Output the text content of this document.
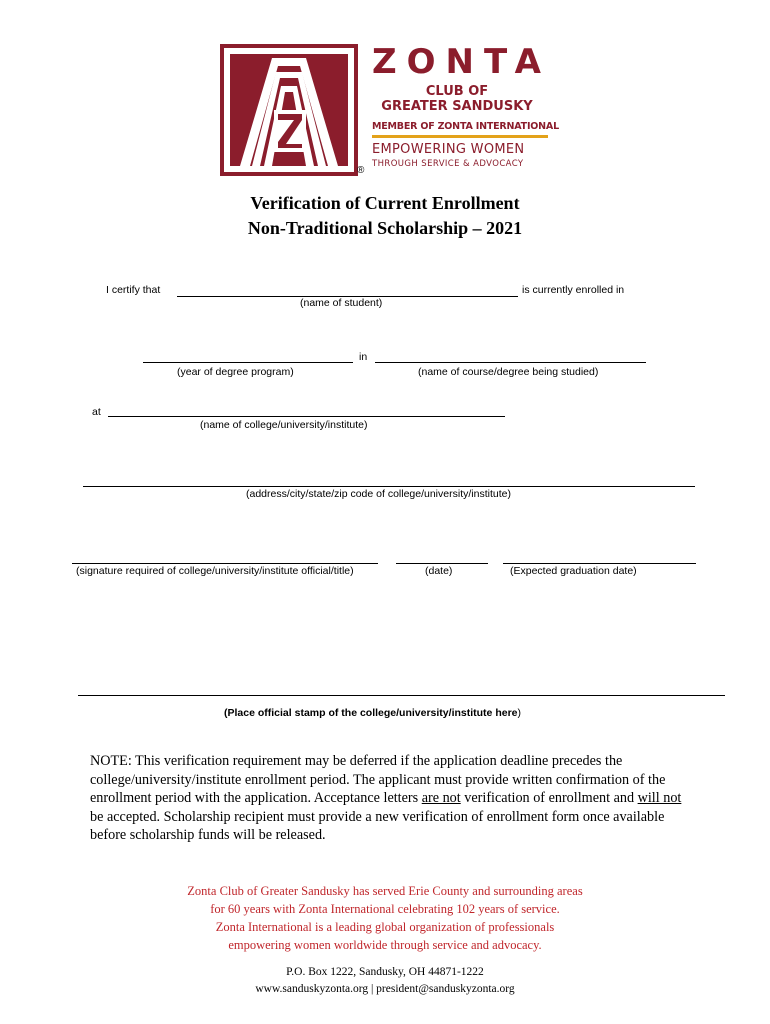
®
ZONTA
CLUB OF
GREATER SANDUSKY
MEMBER OF ZONTA INTERNATIONAL
EMPOWERING WOMEN
THROUGH SERVICE & ADVOCACY
Verification of Current Enrollment
Non-Traditional Scholarship – 2021
I certify that	is currently enrolled in
(name of student)
in
(year of degree program)	(name of course/degree being studied)
at
(name of college/university/institute)
(address/city/state/zip code of college/university/institute)
(signature required of college/university/institute official/title)	(date)	(Expected graduation date)
(Place official stamp of the college/university/institute here)
NOTE: This verification requirement may be deferred if the application deadline precedes the college/university/institute enrollment period. The applicant must provide written confirmation of the enrollment period with the application. Acceptance letters are not verification of enrollment and will not be accepted. Scholarship recipient must provide a new verification of enrollment form once available before scholarship funds will be released.
Zonta Club of Greater Sandusky has served Erie County and surrounding areas
for 60 years with Zonta International celebrating 102 years of service.
Zonta International is a leading global organization of professionals
empowering women worldwide through service and advocacy.
P.O. Box 1222, Sandusky, OH 44871-1222
www.sanduskyzonta.org | president@sanduskyzonta.org
